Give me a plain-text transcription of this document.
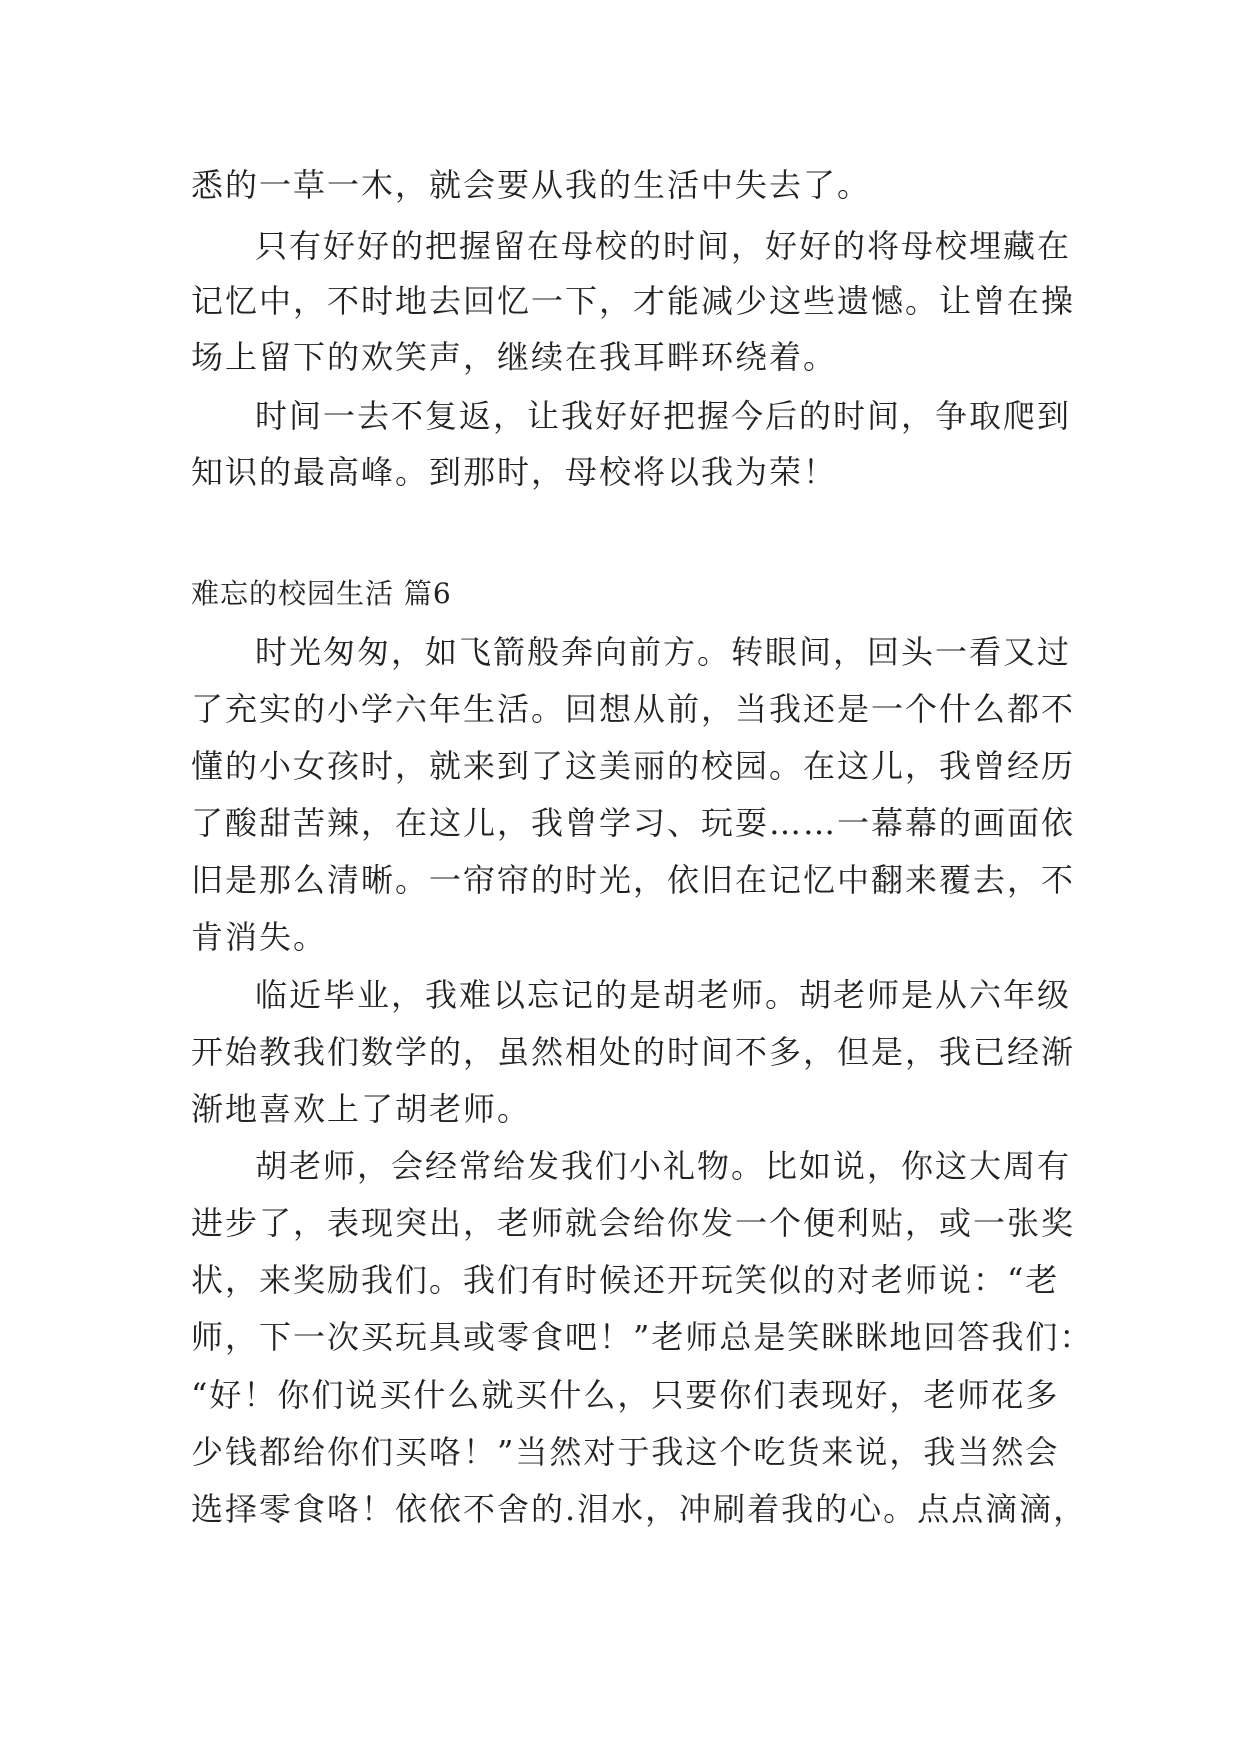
悉的一草一木，就会要从我的生活中失去了。
只有好好的把握留在母校的时间，好好的将母校埋藏在
记忆中，不时地去回忆一下，才能减少这些遗憾。让曾在操
场上留下的欢笑声，继续在我耳畔环绕着。
时间一去不复返，让我好好把握今后的时间，争取爬到
知识的最高峰。到那时，母校将以我为荣！
难忘的校园生活 篇6
时光匆匆，如飞箭般奔向前方。转眼间，回头一看又过
了充实的小学六年生活。回想从前，当我还是一个什么都不
懂的小女孩时，就来到了这美丽的校园。在这儿，我曾经历
了酸甜苦辣，在这儿，我曾学习、玩耍……一幕幕的画面依
旧是那么清晰。一帘帘的时光，依旧在记忆中翻来覆去，不
肯消失。
临近毕业，我难以忘记的是胡老师。胡老师是从六年级
开始教我们数学的，虽然相处的时间不多，但是，我已经渐
渐地喜欢上了胡老师。
胡老师，会经常给发我们小礼物。比如说，你这大周有
进步了，表现突出，老师就会给你发一个便利贴，或一张奖
状，来奖励我们。我们有时候还开玩笑似的对老师说：“老
师，下一次买玩具或零食吧！”老师总是笑眯眯地回答我们：
“好！你们说买什么就买什么，只要你们表现好，老师花多
少钱都给你们买咯！”当然对于我这个吃货来说，我当然会
选择零食咯！依依不舍的.泪水，冲刷着我的心。点点滴滴，
